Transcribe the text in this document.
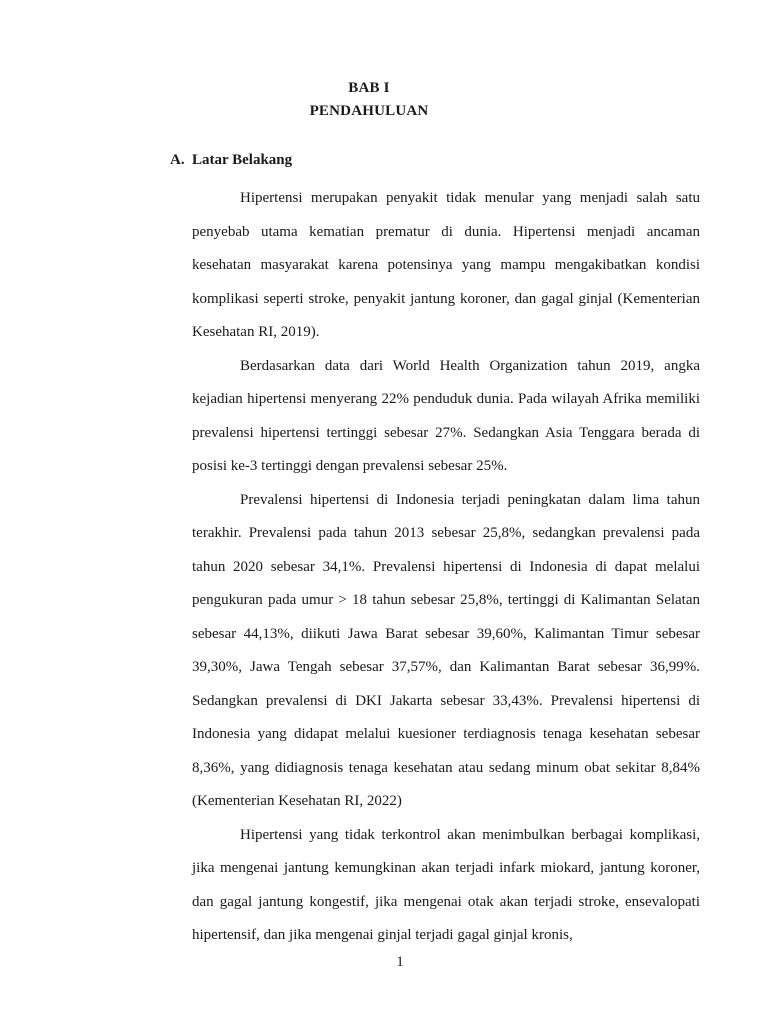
BAB I
PENDAHULUAN
A. Latar Belakang

Hipertensi merupakan penyakit tidak menular yang menjadi salah satu penyebab utama kematian prematur di dunia. Hipertensi menjadi ancaman kesehatan masyarakat karena potensinya yang mampu mengakibatkan kondisi komplikasi seperti stroke, penyakit jantung koroner, dan gagal ginjal (Kementerian Kesehatan RI, 2019).

Berdasarkan data dari World Health Organization tahun 2019, angka kejadian hipertensi menyerang 22% penduduk dunia. Pada wilayah Afrika memiliki prevalensi hipertensi tertinggi sebesar 27%. Sedangkan Asia Tenggara berada di posisi ke-3 tertinggi dengan prevalensi sebesar 25%.

Prevalensi hipertensi di Indonesia terjadi peningkatan dalam lima tahun terakhir. Prevalensi pada tahun 2013 sebesar 25,8%, sedangkan prevalensi pada tahun 2020 sebesar 34,1%. Prevalensi hipertensi di Indonesia di dapat melalui pengukuran pada umur > 18 tahun sebesar 25,8%, tertinggi di Kalimantan Selatan sebesar 44,13%, diikuti Jawa Barat sebesar 39,60%, Kalimantan Timur sebesar 39,30%, Jawa Tengah sebesar 37,57%, dan Kalimantan Barat sebesar 36,99%. Sedangkan prevalensi di DKI Jakarta sebesar 33,43%. Prevalensi hipertensi di Indonesia yang didapat melalui kuesioner terdiagnosis tenaga kesehatan sebesar 8,36%, yang didiagnosis tenaga kesehatan atau sedang minum obat sekitar 8,84% (Kementerian Kesehatan RI, 2022)

Hipertensi yang tidak terkontrol akan menimbulkan berbagai komplikasi, jika mengenai jantung kemungkinan akan terjadi infark miokard, jantung koroner, dan gagal jantung kongestif, jika mengenai otak akan terjadi stroke, ensevalopati hipertensif, dan jika mengenai ginjal terjadi gagal ginjal kronis,

1
